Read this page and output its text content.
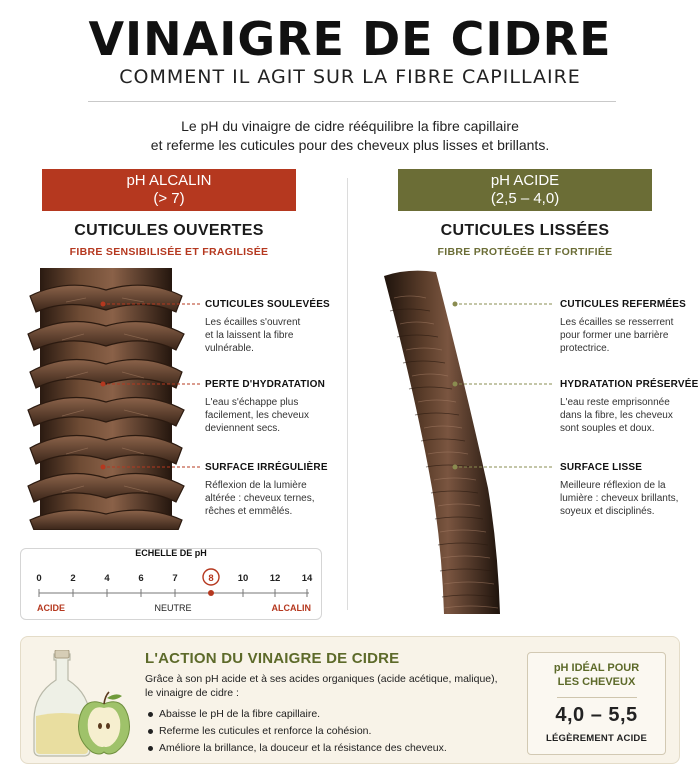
VINAIGRE DE CIDRE
COMMENT IL AGIT SUR LA FIBRE CAPILLAIRE
Le pH du vinaigre de cidre rééquilibre la fibre capillaire
et referme les cuticules pour des cheveux plus lisses et brillants.
pH ALCALIN
(> 7)
CUTICULES OUVERTES
FIBRE SENSIBILISÉE ET FRAGILISÉE
CUTICULES SOULEVÉES
Les écailles s'ouvrent
et la laissent la fibre
vulnérable.
PERTE D'HYDRATATION
L'eau s'échappe plus
facilement, les cheveux
deviennent secs.
SURFACE IRRÉGULIÈRE
Réflexion de la lumière
altérée : cheveux ternes,
rêches et emmêlés.
ÉCHELLE DE pH
0	2	4	6	7	8	10 12 14
ACIDE	NEUTRE	ALCALIN
pH ACIDE
(2,5 – 4,0)
CUTICULES LISSÉES
FIBRE PROTÉGÉE ET FORTIFIÉE
CUTICULES REFERMÉES
Les écailles se resserrent
pour former une barrière
protectrice.
HYDRATATION PRÉSERVÉE
L'eau reste emprisonnée
dans la fibre, les cheveux
sont souples et doux.
SURFACE LISSE
Meilleure réflexion de la
lumière : cheveux brillants,
soyeux et disciplinés.
L'ACTION DU VINAIGRE DE CIDRE
Grâce à son pH acide et à ses acides organiques (acide acétique, malique),
le vinaigre de cidre :
Abaisse le pH de la fibre capillaire.
Referme les cuticules et renforce la cohésion.
Améliore la brillance, la douceur et la résistance des cheveux.
pH IDÉAL POUR
LES CHEVEUX
4,0 – 5,5
LÉGÈREMENT ACIDE
